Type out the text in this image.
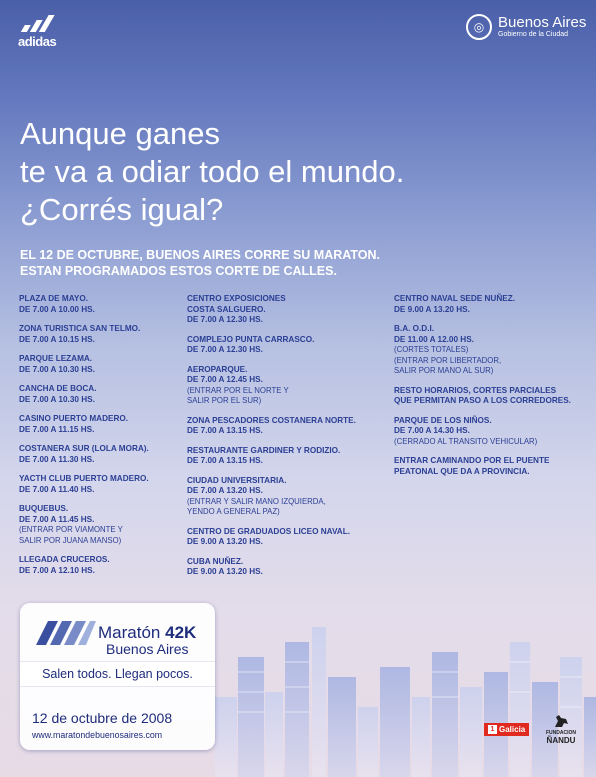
adidas
◎ Buenos Aires
Gobierno de la Ciudad
Aunque ganes
te va a odiar todo el mundo.
¿Corrés igual?
EL 12 DE OCTUBRE, BUENOS AIRES CORRE SU MARATON.
ESTAN PROGRAMADOS ESTOS CORTE DE CALLES.
PLAZA DE MAYO.
DE 7.00 A 10.00 HS.
ZONA TURISTICA SAN TELMO.
DE 7.00 A 10.15 HS.
PARQUE LEZAMA.
DE 7.00 A 10.30 HS.
CANCHA DE BOCA.
DE 7.00 A 10.30 HS.
CASINO PUERTO MADERO.
DE 7.00 A 11.15 HS.
COSTANERA SUR (LOLA MORA).
DE 7.00 A 11.30 HS.
YACTH CLUB PUERTO MADERO.
DE 7.00 A 11.40 HS.
BUQUEBUS.
DE 7.00 A 11.45 HS.
(ENTRAR POR VIAMONTE Y
SALIR POR JUANA MANSO)
LLEGADA CRUCEROS.
DE 7.00 A 12.10 HS.
CENTRO EXPOSICIONES
COSTA SALGUERO.
DE 7.00 A 12.30 HS.
COMPLEJO PUNTA CARRASCO.
DE 7.00 A 12.30 HS.
AEROPARQUE.
DE 7.00 A 12.45 HS.
(ENTRAR POR EL NORTE Y
SALIR POR EL SUR)
ZONA PESCADORES COSTANERA NORTE.
DE 7.00 A 13.15 HS.
RESTAURANTE GARDINER Y RODIZIO.
DE 7.00 A 13.15 HS.
CIUDAD UNIVERSITARIA.
DE 7.00 A 13.20 HS.
(ENTRAR Y SALIR MANO IZQUIERDA,
YENDO A GENERAL PAZ)
CENTRO DE GRADUADOS LICEO NAVAL.
DE 9.00 A 13.20 HS.
CUBA NUÑEZ.
DE 9.00 A 13.20 HS.
CENTRO NAVAL SEDE NUÑEZ.
DE 9.00 A 13.20 HS.
B.A. O.D.I.
DE 11.00 A 12.00 HS.
(CORTES TOTALES)
(ENTRAR POR LIBERTADOR,
SALIR POR MANO AL SUR)
RESTO HORARIOS, CORTES PARCIALES
QUE PERMITAN PASO A LOS CORREDORES.
PARQUE DE LOS NIÑOS.
DE 7.00 A 14.30 HS.
(CERRADO AL TRANSITO VEHICULAR)
ENTRAR CAMINANDO POR EL PUENTE
PEATONAL QUE DA A PROVINCIA.
Maratón 42K
Buenos Aires
Salen todos. Llegan pocos.
12 de octubre de 2008
www.maratondebuenosaires.com
1 Galicia	FUNDACION
ÑANDU
